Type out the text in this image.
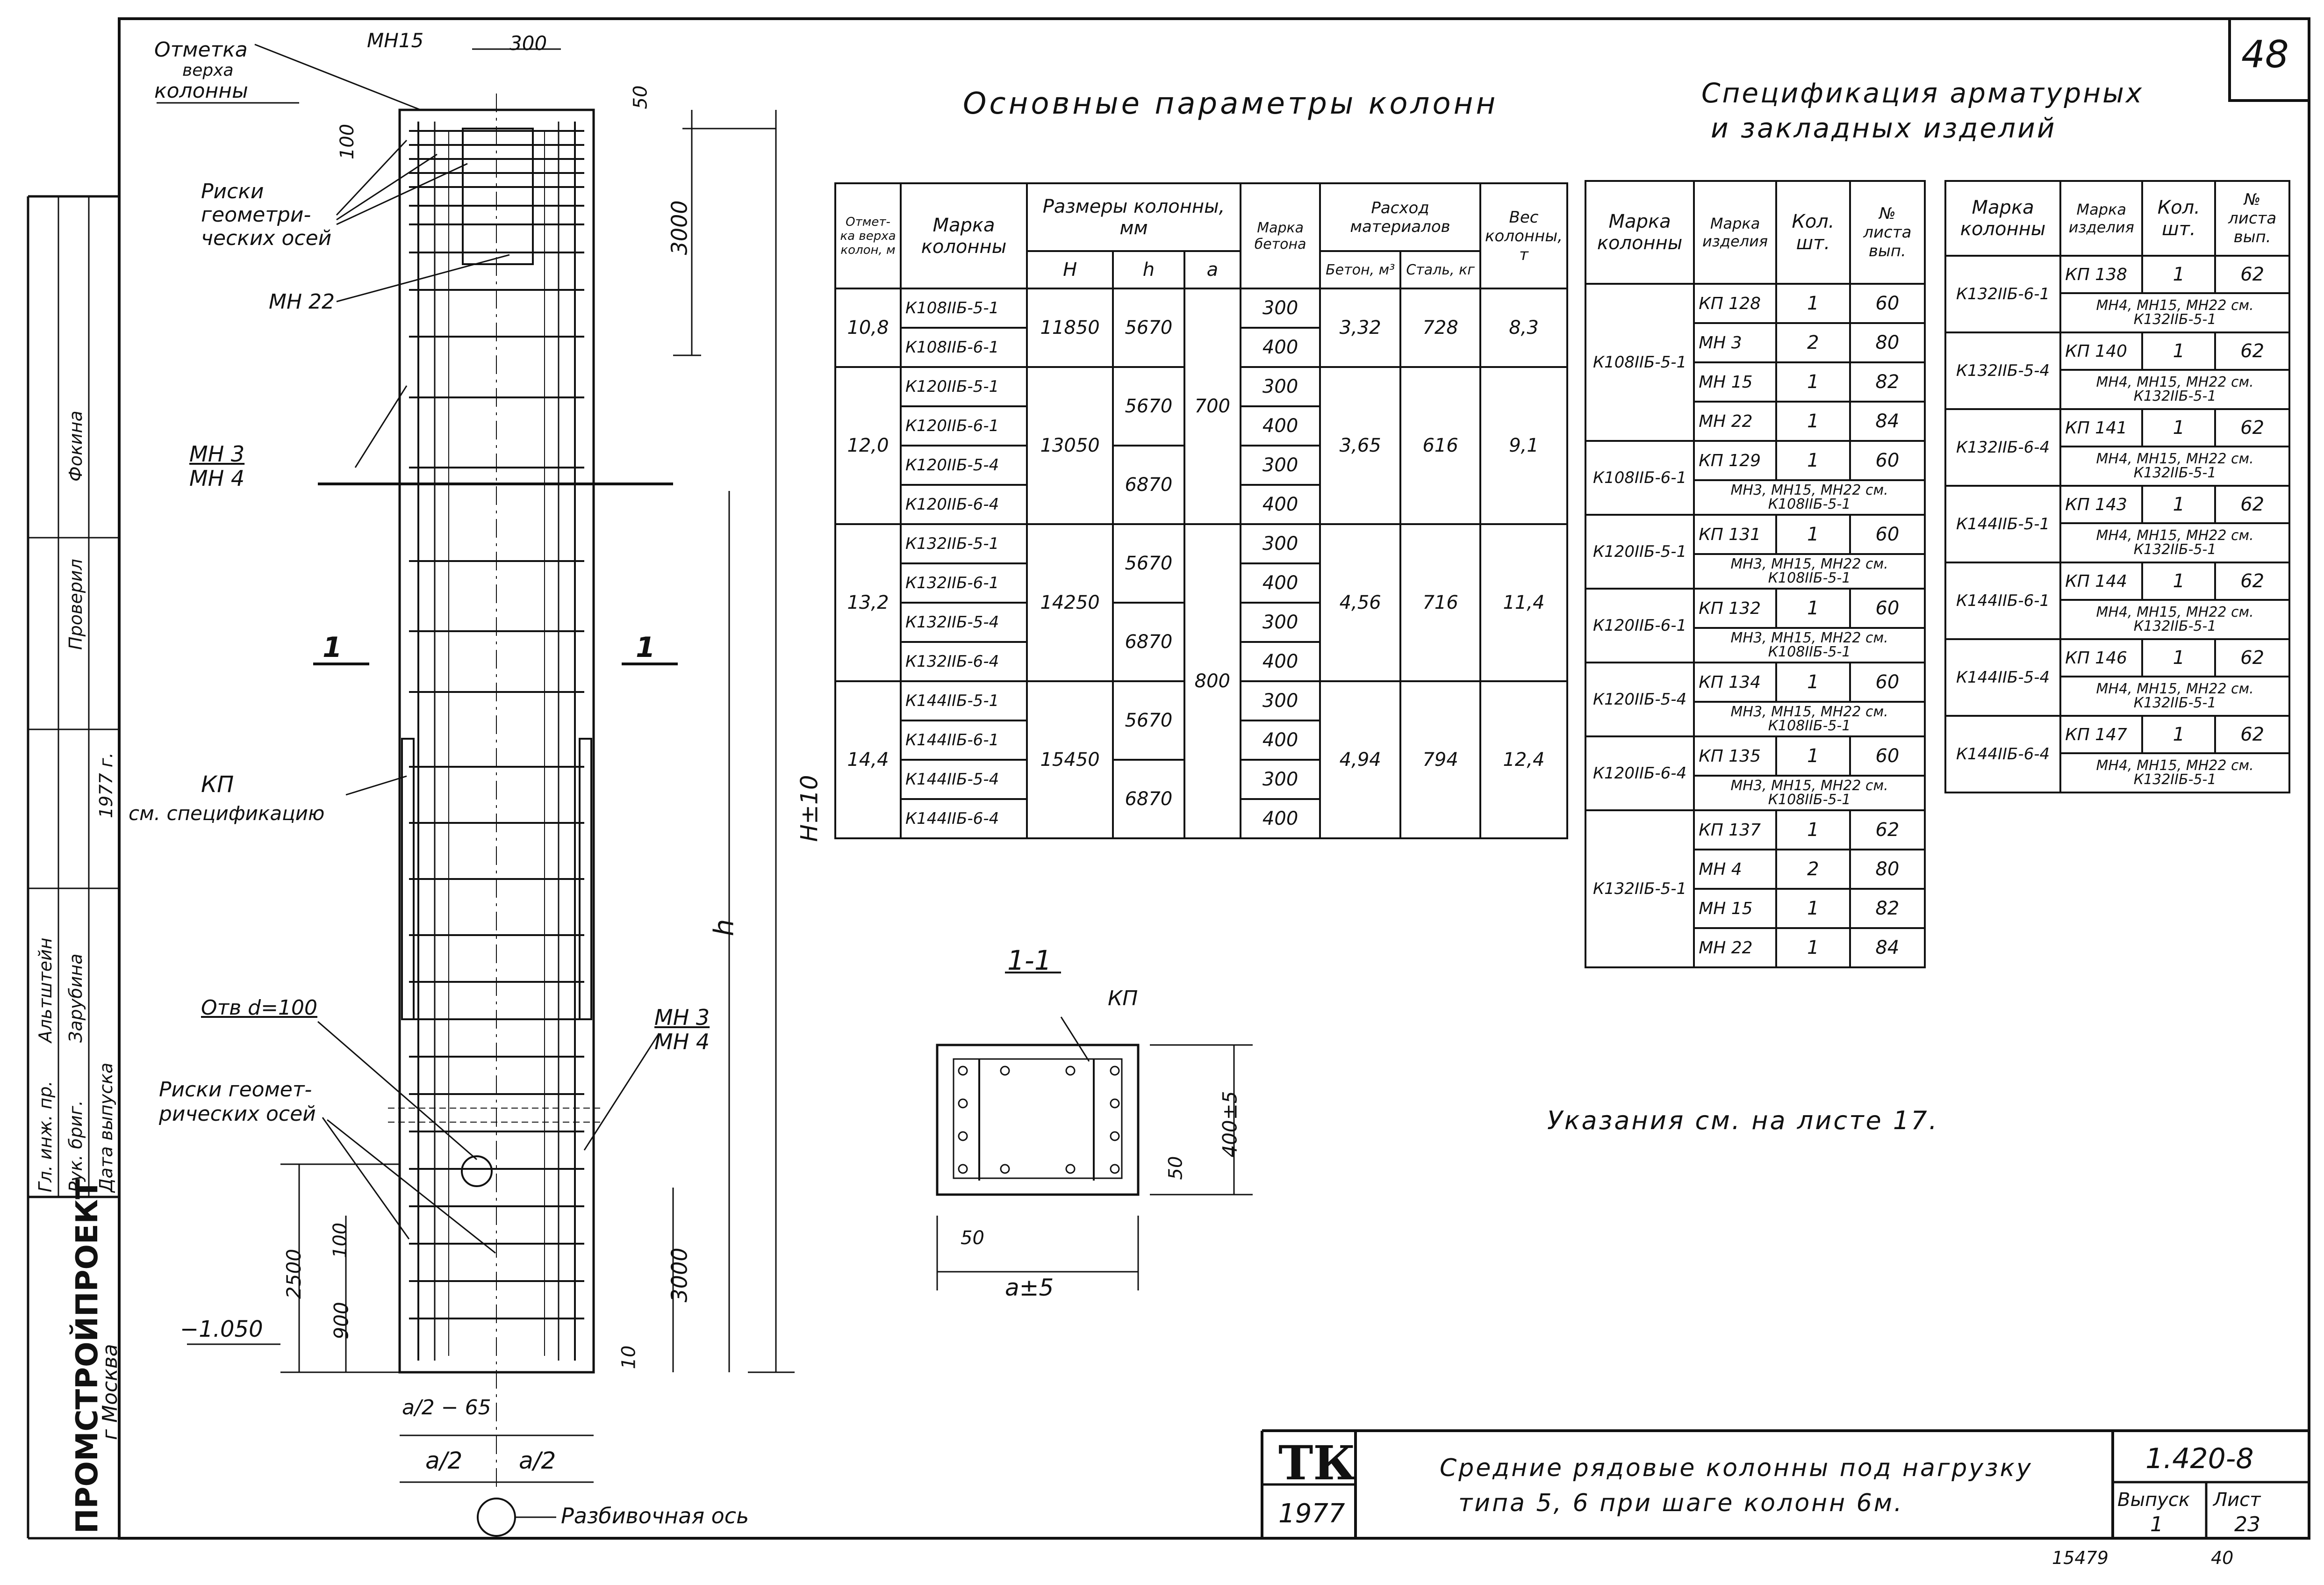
48
Основные параметры колонн	Спецификация арматурных
и закладных изделий
Отметка
верха
колонны
МН15	300
50
100
3000
Риски
геометри-
ческих осей
МН 22
МН 3
МН 4
1	1
КП
см. спецификацию	Н±10
h
Отв d=100	МН 3
МН 4
Риски геомет-
рических осей
2500
100
900
3000
10
−1.050
a/2 − 65
a/2 a/2
Разбивочная ось
1-1
КП
400±5
50
50
a±5
ПРОМСТРОЙПРОЕКТ
г Москва
Гл. инж. пр. Рук. бриг. Дата выпуска
Альтштейн Зарубина
1977 г.
Проверил
Фокина
Отмет-ка верха колон, м	Марка колонны	Размеры колонны, мм			Марка бетона	Расход материалов		Вес колонны, т
		Н	h	a		Бетон, м³	Сталь, кг	
10,8	К108IIБ-5-1	11850	5670	700	300	3,32	728	8,3
	К108IIБ-6-1				400			
12,0	К120IIБ-5-1	13050	5670		300	3,65	616	9,1
	К120IIБ-6-1				400			
	К120IIБ-5-4		6870		300			
	К120IIБ-6-4				400			
13,2	К132IIБ-5-1	14250	5670	800	300	4,56	716	11,4
	К132IIБ-6-1				400			
	К132IIБ-5-4		6870		300			
	К132IIБ-6-4				400			
14,4	К144IIБ-5-1	15450	5670		300	4,94	794	12,4
	К144IIБ-6-1				400			
	К144IIБ-5-4		6870		300			
	К144IIБ-6-4				400			
Марка колонны	Марка изделия	Кол. шт.	№ листа вып.
К108IIБ-5-1	КП 128	1	60
	МН 3	2	80
	МН 15	1	82
	МН 22	1	84
К108IIБ-6-1	КП 129	1	60
	МН3, МН15, МН22 см. К108IIБ-5-1		
К120IIБ-5-1	КП 131	1	60
	МН3, МН15, МН22 см. К108IIБ-5-1		
К120IIБ-6-1	КП 132	1	60
	МН3, МН15, МН22 см. К108IIБ-5-1		
К120IIБ-5-4	КП 134	1	60
	МН3, МН15, МН22 см. К108IIБ-5-1		
К120IIБ-6-4	КП 135	1	60
	МН3, МН15, МН22 см. К108IIБ-5-1		
К132IIБ-5-1	КП 137	1	62
	МН 4	2	80
	МН 15	1	82
	МН 22	1	84
Марка колонны	Марка изделия	Кол. шт.	№ листа вып.
К132IIБ-6-1	КП 138	1	62
	МН4, МН15, МН22 см. К132IIБ-5-1		
К132IIБ-5-4	КП 140	1	62
	МН4, МН15, МН22 см. К132IIБ-5-1		
К132IIБ-6-4	КП 141	1	62
	МН4, МН15, МН22 см. К132IIБ-5-1		
К144IIБ-5-1	КП 143	1	62
	МН4, МН15, МН22 см. К132IIБ-5-1		
К144IIБ-6-1	КП 144	1	62
	МН4, МН15, МН22 см. К132IIБ-5-1		
К144IIБ-5-4	КП 146	1	62
	МН4, МН15, МН22 см. К132IIБ-5-1		
К144IIБ-6-4	КП 147	1	62
	МН4, МН15, МН22 см. К132IIБ-5-1		
Указания см. на листе 17.
ТК
1977
Средние рядовые колонны под нагрузку
типа 5, 6 при шаге колонн 6м.
1.420-8
Выпуск Лист
1	23
15479	40
